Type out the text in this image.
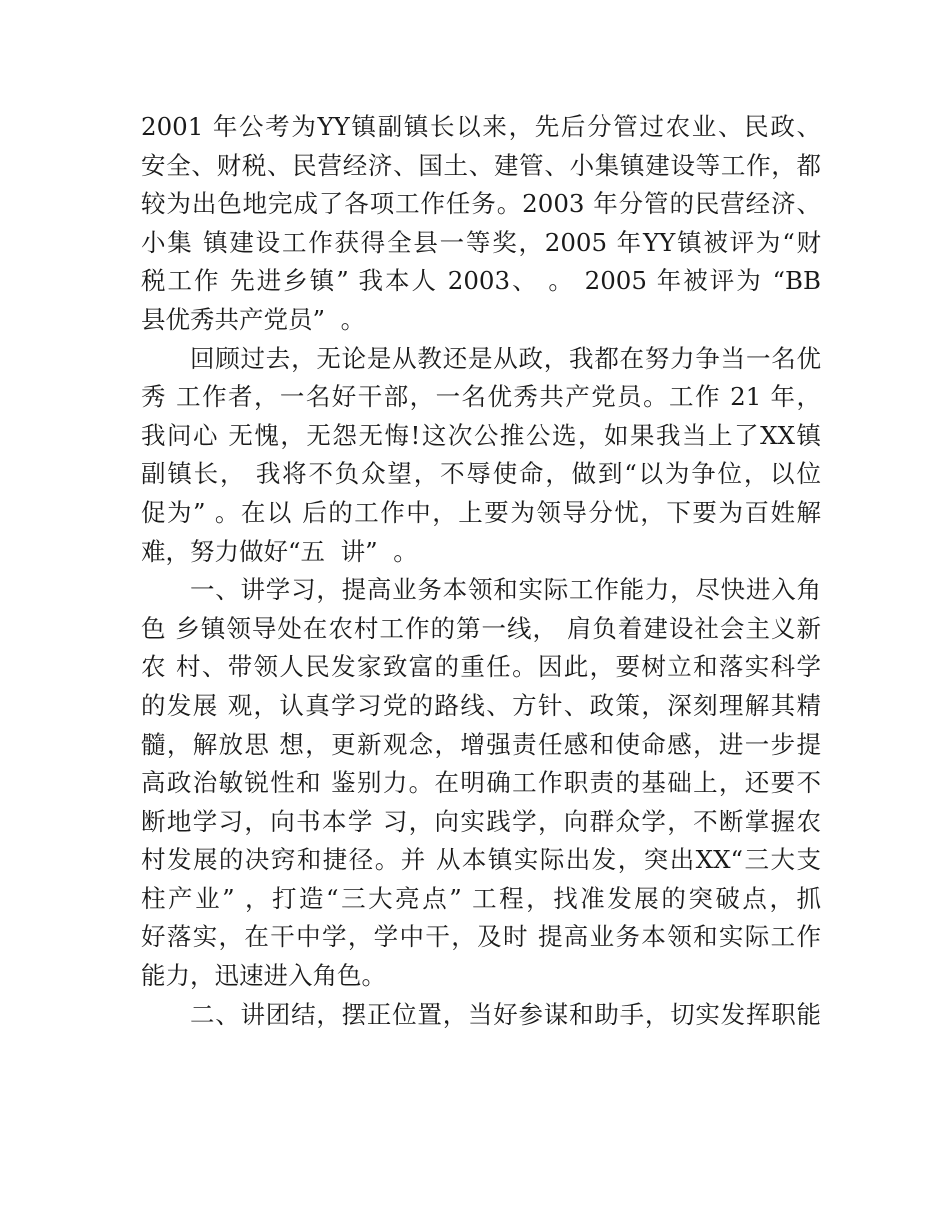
2001 年公考为YY镇副镇长以来，先后分管过农业、民政、
安全、财税、民营经济、国土、建管、小集镇建设等工作，都
较为出色地完成了各项工作任务。2003 年分管的民营经济、
小集 镇建设工作获得全县一等奖，2005 年YY镇被评为“财
税工作 先进乡镇” 我本人 2003、 。 2005 年被评为 “BB
县优秀共产党员”  。
回顾过去，无论是从教还是从政，我都在努力争当一名优
秀 工作者，一名好干部，一名优秀共产党员。工作 21 年，
我问心 无愧，无怨无悔!这次公推公选，如果我当上了XX镇
副镇长， 我将不负众望，不辱使命，做到“以为争位，以位
促为” 。在以 后的工作中，上要为领导分忧，下要为百姓解
难，努力做好“五  讲”  。
一、讲学习，提高业务本领和实际工作能力，尽快进入角
色 乡镇领导处在农村工作的第一线， 肩负着建设社会主义新
农 村、带领人民发家致富的重任。因此，要树立和落实科学
的发展 观，认真学习党的路线、方针、政策，深刻理解其精
髓，解放思 想，更新观念，增强责任感和使命感，进一步提
高政治敏锐性和 鉴别力。在明确工作职责的基础上，还要不
断地学习，向书本学 习，向实践学，向群众学，不断掌握农
村发展的决窍和捷径。并 从本镇实际出发，突出XX“三大支
柱产业” ，打造“三大亮点” 工程，找准发展的突破点，抓
好落实，在干中学，学中干，及时 提高业务本领和实际工作
能力，迅速进入角色。
二、讲团结，摆正位置，当好参谋和助手，切实发挥职能
